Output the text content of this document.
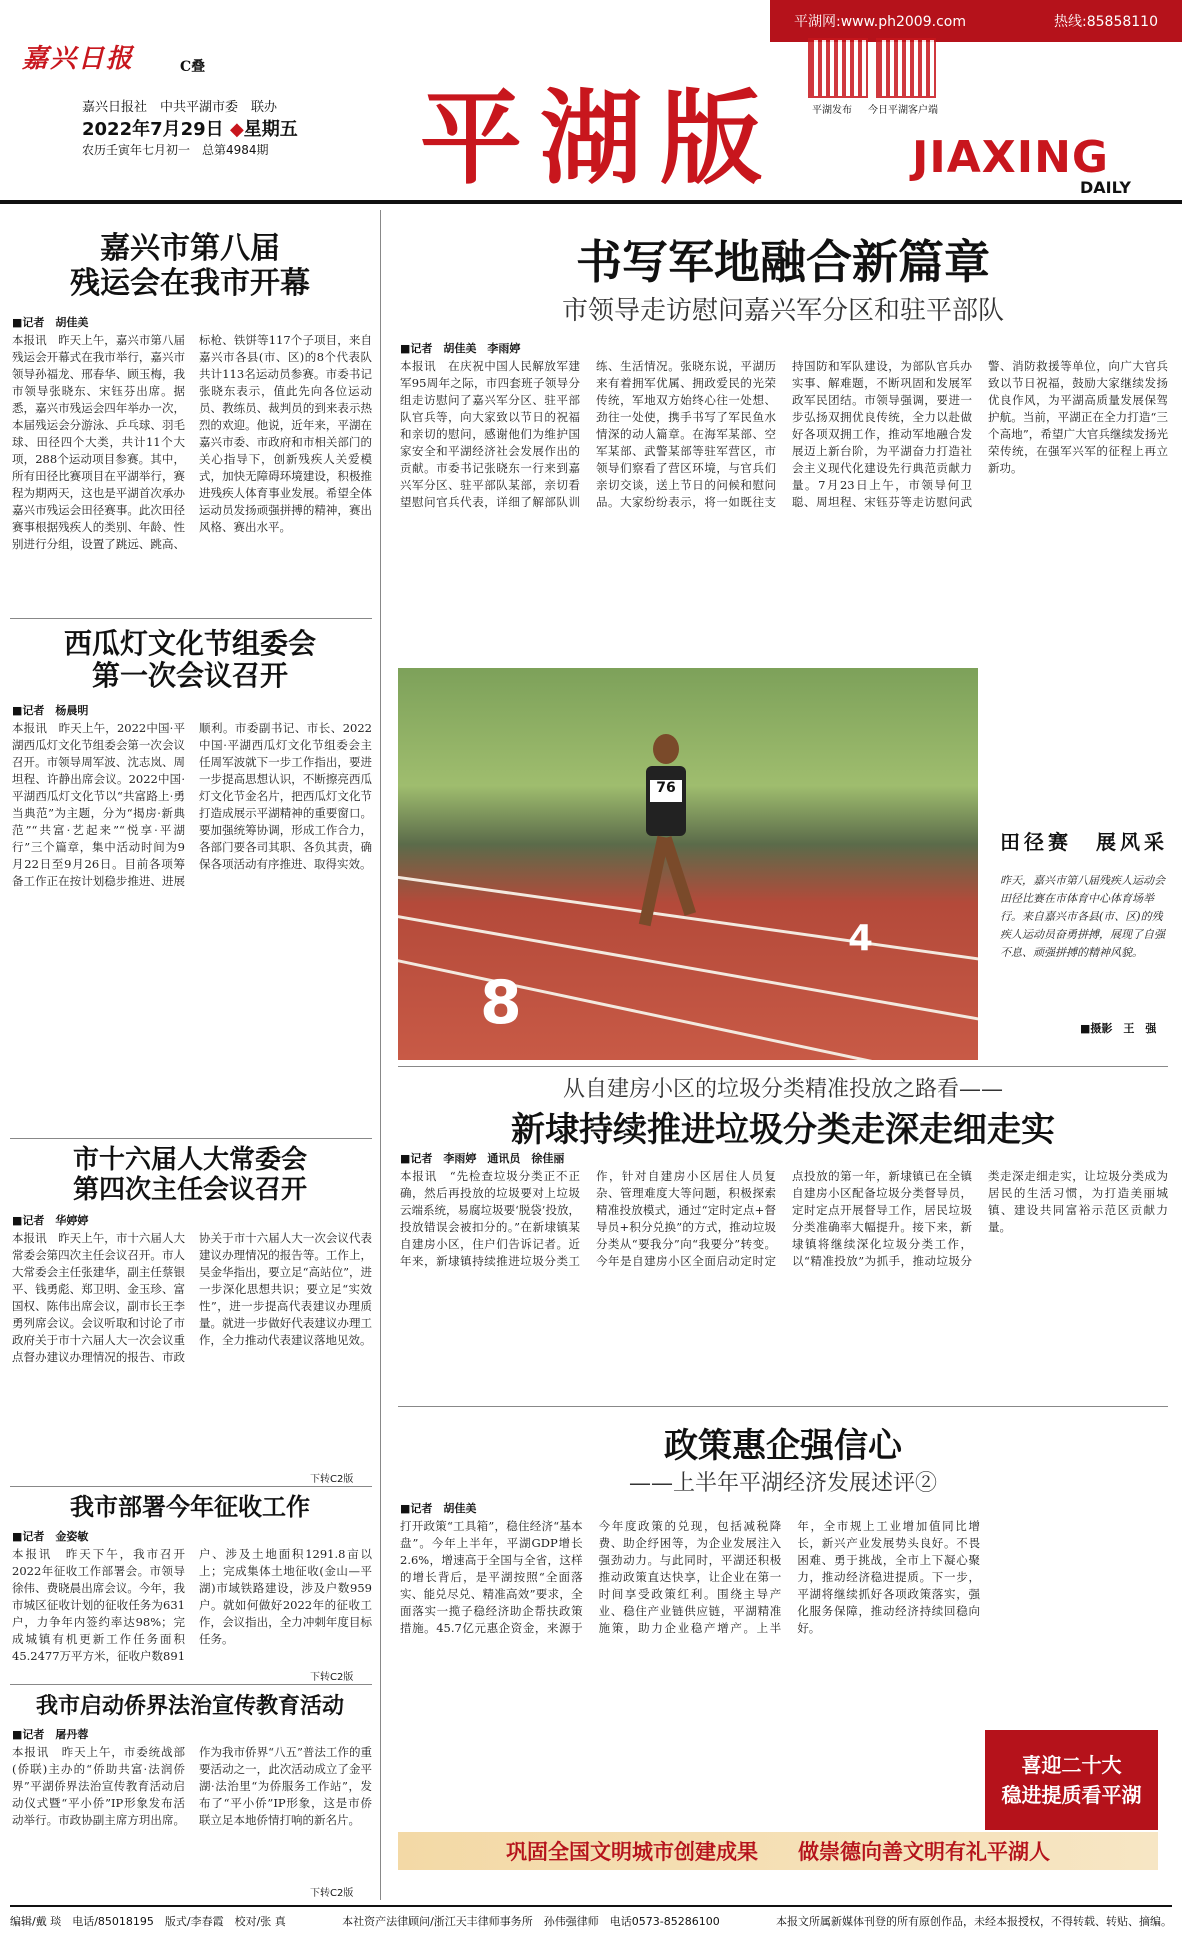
平湖网:www.ph2009.com	热线:85858110
嘉兴日报	C叠
嘉兴日报社　中共平湖市委　联办
2022年7月29日 ◆星期五
农历壬寅年七月初一　总第4984期 平湖版	平湖发布 今日平湖客户端
JIAXING
DAILY
嘉兴市第八届
残运会在我市开幕
■记者　胡佳美
本报讯　昨天上午，嘉兴市第八届残运会开幕式在我市举行，嘉兴市领导孙福龙、邢春华、顾玉梅，我市领导张晓东、宋钰芬出席。据悉，嘉兴市残运会四年举办一次，本届残运会分游泳、乒乓球、羽毛球、田径四个大类，共计11个大项，288个运动项目参赛。其中，所有田径比赛项目在平湖举行，赛程为期两天，这也是平湖首次承办嘉兴市残运会田径赛事。此次田径赛事根据残疾人的类别、年龄、性别进行分组，设置了跳远、跳高、标枪、铁饼等117个子项目，来自嘉兴市各县(市、区)的8个代表队共计113名运动员参赛。市委书记张晓东表示，值此先向各位运动员、教练员、裁判员的到来表示热烈的欢迎。他说，近年来，平湖在嘉兴市委、市政府和市相关部门的关心指导下，创新残疾人关爱模式，加快无障碍环境建设，积极推进残疾人体育事业发展。希望全体运动员发扬顽强拼搏的精神，赛出风格、赛出水平。
西瓜灯文化节组委会
第一次会议召开
■记者　杨晨明
本报讯　昨天上午，2022中国·平湖西瓜灯文化节组委会第一次会议召开。市领导周军波、沈志岚、周坦程、许静出席会议。2022中国·平湖西瓜灯文化节以“共富路上·勇当典范”为主题，分为“揭房·新典范”“共富·艺起来”“悦享·平湖行”三个篇章，集中活动时间为9月22日至9月26日。目前各项筹备工作正在按计划稳步推进、进展顺利。市委副书记、市长、2022中国·平湖西瓜灯文化节组委会主任周军波就下一步工作指出，要进一步提高思想认识，不断擦亮西瓜灯文化节金名片，把西瓜灯文化节打造成展示平湖精神的重要窗口。要加强统筹协调，形成工作合力，各部门要各司其职、各负其责，确保各项活动有序推进、取得实效。
市十六届人大常委会
第四次主任会议召开
■记者　华婷婷
本报讯　昨天上午，市十六届人大常委会第四次主任会议召开。市人大常委会主任张建华，副主任蔡银平、钱勇彪、郑卫明、金玉珍、富国权、陈伟出席会议，副市长王李勇列席会议。会议听取和讨论了市政府关于市十六届人大一次会议重点督办建议办理情况的报告、市政协关于市十六届人大一次会议代表建议办理情况的报告等。工作上，吴金华指出，要立足“高站位”，进一步深化思想共识；要立足“实效性”，进一步提高代表建议办理质量。就进一步做好代表建议办理工作，全力推动代表建议落地见效。
下转C2版
我市部署今年征收工作
■记者　金姿敏
本报讯　昨天下午，我市召开2022年征收工作部署会。市领导徐伟、费晓晨出席会议。今年，我市城区征收计划的征收任务为631户，力争年内签约率达98%；完成城镇有机更新工作任务面积45.2477万平方米，征收户数891户、涉及土地面积1291.8亩以上；完成集体土地征收(金山—平湖)市域铁路建设，涉及户数959户。就如何做好2022年的征收工作，会议指出，全力冲刺年度目标任务。
下转C2版
我市启动侨界法治宣传教育活动
■记者　屠丹蓉
本报讯　昨天上午，市委统战部(侨联)主办的“侨助共富·法润侨界”平湖侨界法治宣传教育活动启动仪式暨“平小侨”IP形象发布活动举行。市政协副主席方玥出席。作为我市侨界“八五”普法工作的重要活动之一，此次活动成立了金平湖·法治里“为侨服务工作站”，发布了“平小侨”IP形象，这是市侨联立足本地侨情打响的新名片。
下转C2版
书写军地融合新篇章
市领导走访慰问嘉兴军分区和驻平部队
■记者　胡佳美　李雨婷
本报讯　在庆祝中国人民解放军建军95周年之际，市四套班子领导分组走访慰问了嘉兴军分区、驻平部队官兵等，向大家致以节日的祝福和亲切的慰问，感谢他们为维护国家安全和平湖经济社会发展作出的贡献。市委书记张晓东一行来到嘉兴军分区、驻平部队某部，亲切看望慰问官兵代表，详细了解部队训练、生活情况。张晓东说，平湖历来有着拥军优属、拥政爱民的光荣传统，军地双方始终心往一处想、劲往一处使，携手书写了军民鱼水情深的动人篇章。在海军某部、空军某部、武警某部等驻军营区，市领导们察看了营区环境，与官兵们亲切交谈，送上节日的问候和慰问品。大家纷纷表示，将一如既往支持国防和军队建设，为部队官兵办实事、解难题，不断巩固和发展军政军民团结。市领导强调，要进一步弘扬双拥优良传统，全力以赴做好各项双拥工作，推动军地融合发展迈上新台阶，为平湖奋力打造社会主义现代化建设先行典范贡献力量。7月23日上午，市领导何卫聪、周坦程、宋钰芬等走访慰问武警、消防救援等单位，向广大官兵致以节日祝福，鼓励大家继续发扬优良作风，为平湖高质量发展保驾护航。当前，平湖正在全力打造“三个高地”，希望广大官兵继续发扬光荣传统，在强军兴军的征程上再立新功。
8
4
76
田径赛　展风采
昨天，嘉兴市第八届残疾人运动会田径比赛在市体育中心体育场举行。来自嘉兴市各县(市、区)的残疾人运动员奋勇拼搏，展现了自强不息、顽强拼搏的精神风貌。
■摄影　王　强
从自建房小区的垃圾分类精准投放之路看——
新埭持续推进垃圾分类走深走细走实
■记者　李雨婷　通讯员　徐佳丽
本报讯　“先检查垃圾分类正不正确，然后再投放的垃圾要对上垃圾云端系统，易腐垃圾要‘脱袋’投放，投放错误会被扣分的。”在新埭镇某自建房小区，住户们告诉记者。近年来，新埭镇持续推进垃圾分类工作，针对自建房小区居住人员复杂、管理难度大等问题，积极探索精准投放模式，通过“定时定点+督导员+积分兑换”的方式，推动垃圾分类从“要我分”向“我要分”转变。今年是自建房小区全面启动定时定点投放的第一年，新埭镇已在全镇自建房小区配备垃圾分类督导员，定时定点开展督导工作，居民垃圾分类准确率大幅提升。接下来，新埭镇将继续深化垃圾分类工作，以“精准投放”为抓手，推动垃圾分类走深走细走实，让垃圾分类成为居民的生活习惯，为打造美丽城镇、建设共同富裕示范区贡献力量。
政策惠企强信心
——上半年平湖经济发展述评②
■记者　胡佳美
打开政策“工具箱”，稳住经济“基本盘”。今年上半年，平湖GDP增长2.6%，增速高于全国与全省，这样的增长背后，是平湖按照“全面落实、能兑尽兑、精准高效”要求，全面落实一揽子稳经济助企帮扶政策措施。45.7亿元惠企资金，来源于今年度政策的兑现，包括减税降费、助企纾困等，为企业发展注入强劲动力。与此同时，平湖还积极推动政策直达快享，让企业在第一时间享受政策红利。围绕主导产业、稳住产业链供应链，平湖精准施策，助力企业稳产增产。上半年，全市规上工业增加值同比增长，新兴产业发展势头良好。不畏困难、勇于挑战，全市上下凝心聚力，推动经济稳进提质。下一步，平湖将继续抓好各项政策落实，强化服务保障，推动经济持续回稳向好。
喜迎二十大
稳进提质看平湖
巩固全国文明城市创建成果 做崇德向善文明有礼平湖人
编辑/戴 琰　电话/85018195　版式/李春霞　校对/张 真	本社资产法律顾问/浙江天丰律师事务所　孙伟强律师　电话0573-85286100	本报文所属新媒体刊登的所有原创作品，未经本报授权，不得转载、转贴、摘编。
